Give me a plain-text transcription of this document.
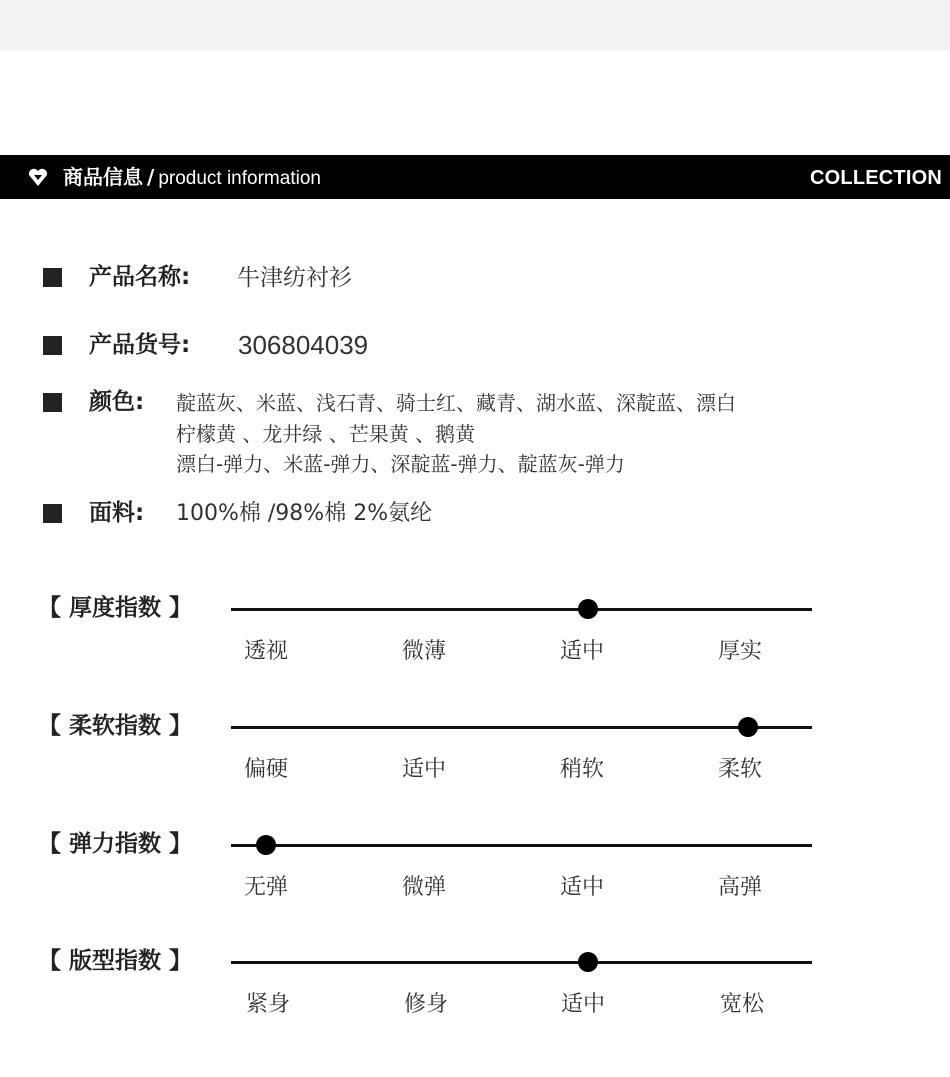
商品信息 / product information	COLLECTION
产品名称: 牛津纺衬衫
产品货号: 306804039
颜色: 靛蓝灰、米蓝、浅石青、骑士红、藏青、湖水蓝、深靛蓝、漂白
柠檬黄 、龙井绿 、芒果黄 、鹅黄
漂白-弹力、米蓝-弹力、深靛蓝-弹力、靛蓝灰-弹力
面料: 100%棉 /98%棉 2%氨纶
【 厚度指数 】
透视	微薄	适中	厚实
【 柔软指数 】
偏硬	适中	稍软	柔软
【 弹力指数 】
无弹	微弹	适中	高弹
【 版型指数 】
紧身	修身	适中	宽松
